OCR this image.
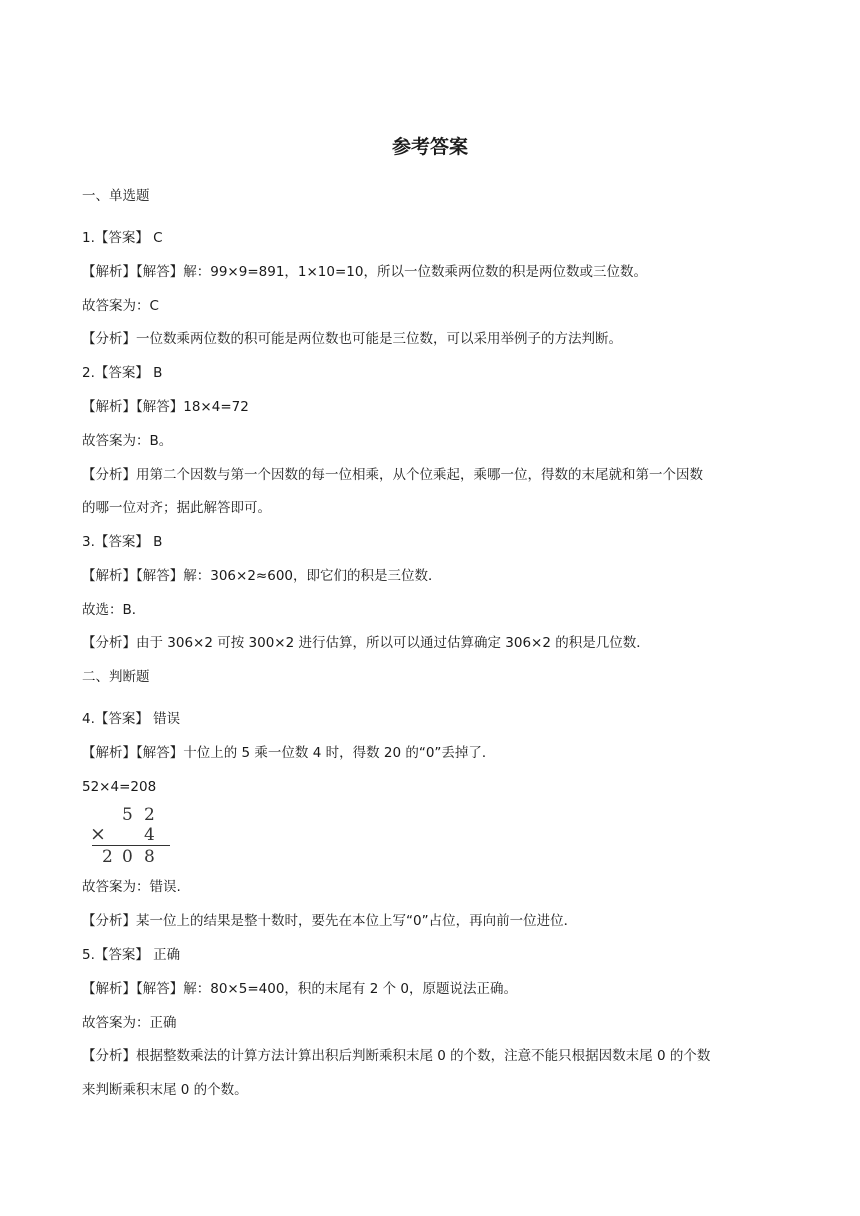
参考答案
一、单选题
1.【答案】 C
【解析】【解答】解：99×9=891，1×10=10，所以一位数乘两位数的积是两位数或三位数。
故答案为：C
【分析】一位数乘两位数的积可能是两位数也可能是三位数，可以采用举例子的方法判断。
2.【答案】 B
【解析】【解答】18×4=72
故答案为：B。
【分析】用第二个因数与第一个因数的每一位相乘，从个位乘起，乘哪一位，得数的末尾就和第一个因数
的哪一位对齐；据此解答即可。
3.【答案】 B
【解析】【解答】解：306×2≈600，即它们的积是三位数．
故选：B．
【分析】由于 306×2 可按 300×2 进行估算，所以可以通过估算确定 306×2 的积是几位数．
二、判断题
4.【答案】 错误
【解析】【解答】十位上的 5 乘一位数 4 时，得数 20 的“0”丢掉了．
52×4=208
5 2
× 4
2 0 8
故答案为：错误.
【分析】某一位上的结果是整十数时，要先在本位上写“0”占位，再向前一位进位．
5.【答案】 正确
【解析】【解答】解：80×5=400，积的末尾有 2 个 0，原题说法正确。
故答案为：正确
【分析】根据整数乘法的计算方法计算出积后判断乘积末尾 0 的个数，注意不能只根据因数末尾 0 的个数
来判断乘积末尾 0 的个数。
